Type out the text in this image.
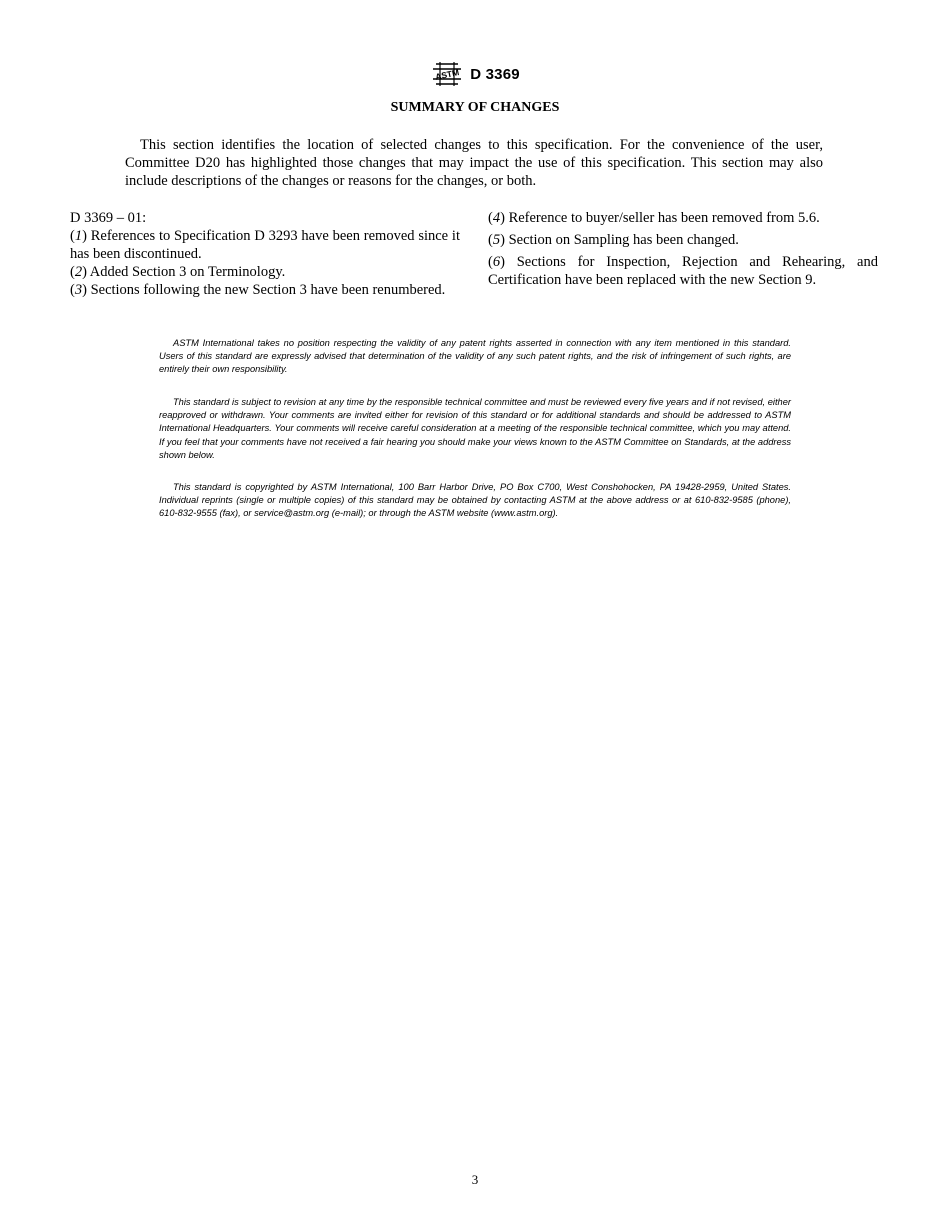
ASTM D 3369
SUMMARY OF CHANGES

This section identifies the location of selected changes to this specification. For the convenience of the user, Committee D20 has highlighted those changes that may impact the use of this specification. This section may also include descriptions of the changes or reasons for the changes, or both.

D 3369 – 01:

(1) References to Specification D 3293 have been removed since it has been discontinued.

(2) Added Section 3 on Terminology.

(3) Sections following the new Section 3 have been renumbered.

(4) Reference to buyer/seller has been removed from 5.6.

(5) Section on Sampling has been changed.

(6) Sections for Inspection, Rejection and Rehearing, and Certification have been replaced with the new Section 9.

ASTM International takes no position respecting the validity of any patent rights asserted in connection with any item mentioned in this standard. Users of this standard are expressly advised that determination of the validity of any such patent rights, and the risk of infringement of such rights, are entirely their own responsibility.

This standard is subject to revision at any time by the responsible technical committee and must be reviewed every five years and if not revised, either reapproved or withdrawn. Your comments are invited either for revision of this standard or for additional standards and should be addressed to ASTM International Headquarters. Your comments will receive careful consideration at a meeting of the responsible technical committee, which you may attend. If you feel that your comments have not received a fair hearing you should make your views known to the ASTM Committee on Standards, at the address shown below.

This standard is copyrighted by ASTM International, 100 Barr Harbor Drive, PO Box C700, West Conshohocken, PA 19428-2959, United States. Individual reprints (single or multiple copies) of this standard may be obtained by contacting ASTM at the above address or at 610-832-9585 (phone), 610-832-9555 (fax), or service@astm.org (e-mail); or through the ASTM website (www.astm.org).

3
